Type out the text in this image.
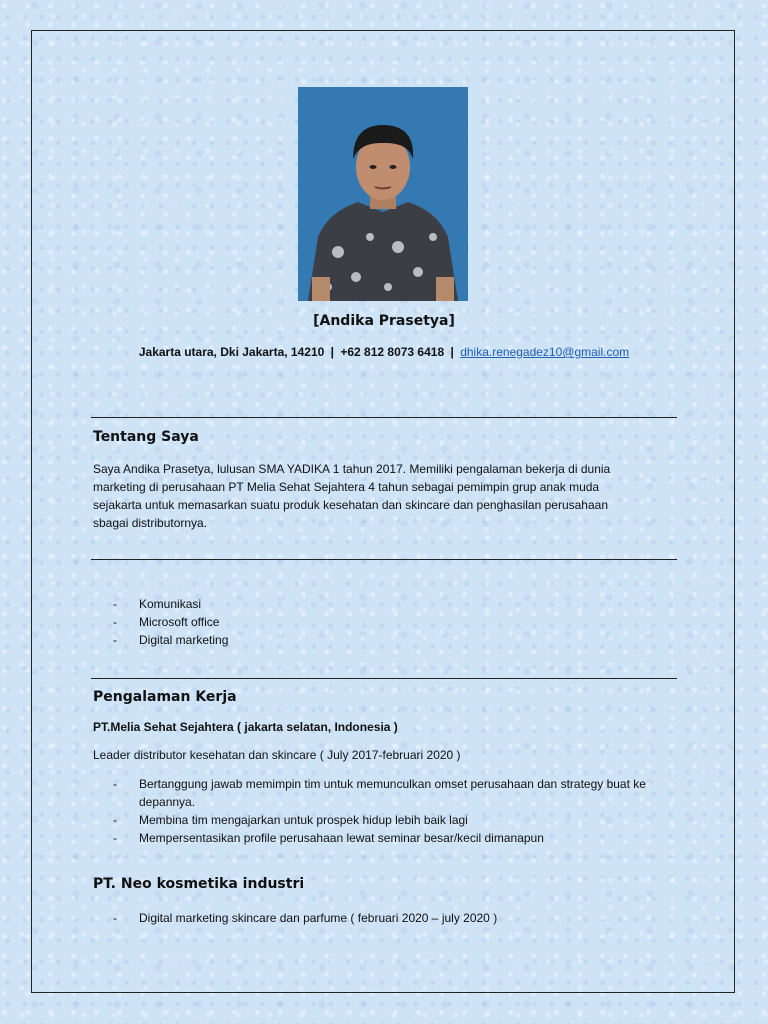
[Andika Prasetya]
Jakarta utara, Dki Jakarta, 14210 | +62 812 8073 6418 | dhika.renegadez10@gmail.com
Tentang Saya
Saya Andika Prasetya, lulusan SMA YADIKA 1 tahun 2017. Memiliki pengalaman bekerja di dunia
marketing di perusahaan PT Melia Sehat Sejahtera 4 tahun sebagai pemimpin grup anak muda
sejakarta untuk memasarkan suatu produk kesehatan dan skincare dan penghasilan perusahaan
sbagai distributornya.
- Komunikasi
- Microsoft office
- Digital marketing
Pengalaman Kerja
PT.Melia Sehat Sejahtera ( jakarta selatan, Indonesia )
Leader distributor kesehatan dan skincare ( July 2017-februari 2020 )
- Bertanggung jawab memimpin tim untuk memunculkan omset perusahaan dan strategy buat ke depannya.
- Membina tim mengajarkan untuk prospek hidup lebih baik lagi
- Mempersentasikan profile perusahaan lewat seminar besar/kecil dimanapun
PT. Neo kosmetika industri
- Digital marketing skincare dan parfume ( februari 2020 – july 2020 )
